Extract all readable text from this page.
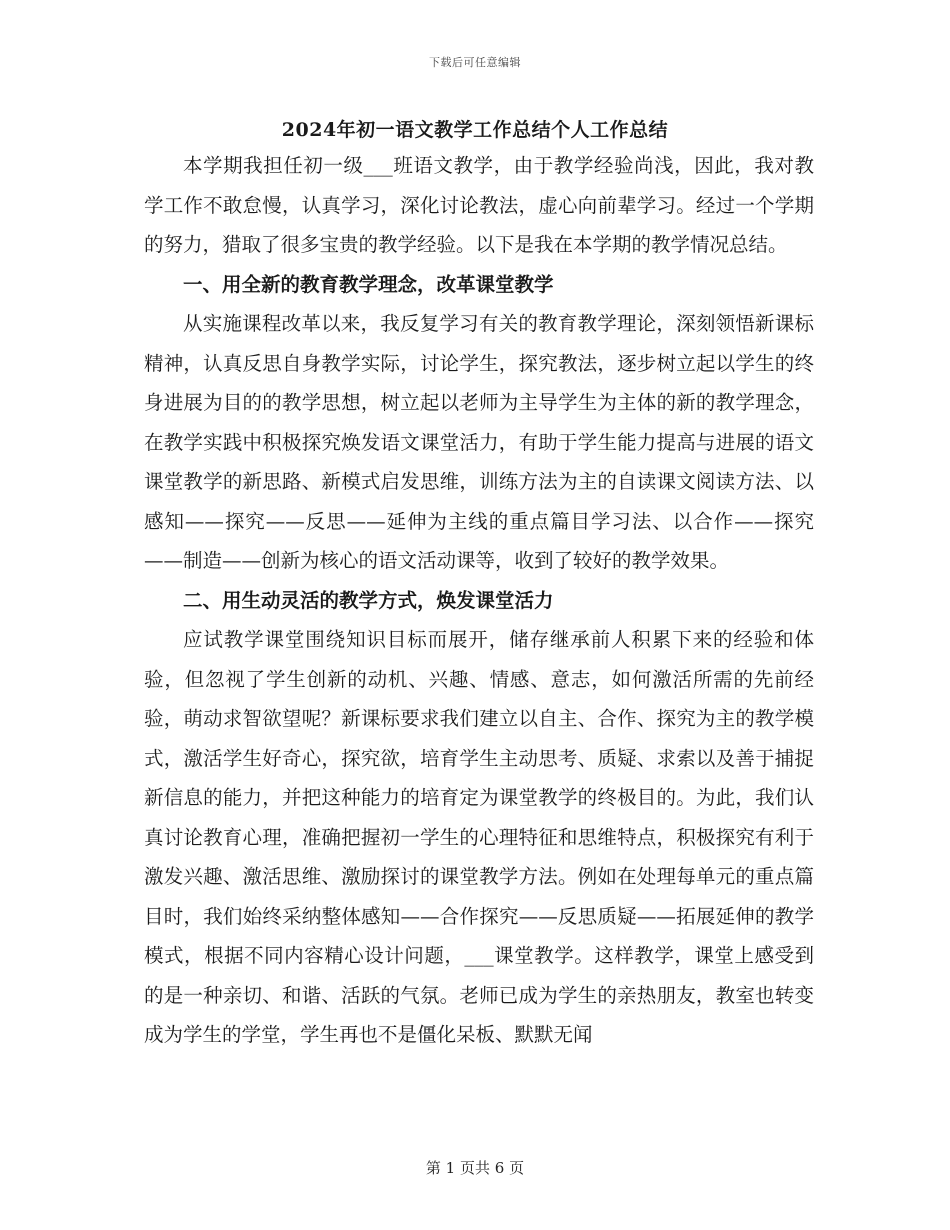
下载后可任意编辑
2024年初一语文教学工作总结个人工作总结

本学期我担任初一级___班语文教学，由于教学经验尚浅，因此，我对教学工作不敢怠慢，认真学习，深化讨论教法，虚心向前辈学习。经过一个学期的努力，猎取了很多宝贵的教学经验。以下是我在本学期的教学情况总结。

一、用全新的教育教学理念，改革课堂教学

从实施课程改革以来，我反复学习有关的教育教学理论，深刻领悟新课标精神，认真反思自身教学实际，讨论学生，探究教法，逐步树立起以学生的终身进展为目的的教学思想，树立起以老师为主导学生为主体的新的教学理念，在教学实践中积极探究焕发语文课堂活力，有助于学生能力提高与进展的语文课堂教学的新思路、新模式启发思维，训练方法为主的自读课文阅读方法、以感知——探究——反思——延伸为主线的重点篇目学习法、以合作——探究——制造——创新为核心的语文活动课等，收到了较好的教学效果。

二、用生动灵活的教学方式，焕发课堂活力

应试教学课堂围绕知识目标而展开，储存继承前人积累下来的经验和体验，但忽视了学生创新的动机、兴趣、情感、意志，如何激活所需的先前经验，萌动求智欲望呢？新课标要求我们建立以自主、合作、探究为主的教学模式，激活学生好奇心，探究欲，培育学生主动思考、质疑、求索以及善于捕捉新信息的能力，并把这种能力的培育定为课堂教学的终极目的。为此，我们认真讨论教育心理，准确把握初一学生的心理特征和思维特点，积极探究有利于激发兴趣、激活思维、激励探讨的课堂教学方法。例如在处理每单元的重点篇目时，我们始终采纳整体感知——合作探究——反思质疑——拓展延伸的教学模式，根据不同内容精心设计问题，___课堂教学。这样教学，课堂上感受到的是一种亲切、和谐、活跃的气氛。老师已成为学生的亲热朋友，教室也转变成为学生的学堂，学生再也不是僵化呆板、默默无闻

第 1 页共 6 页
